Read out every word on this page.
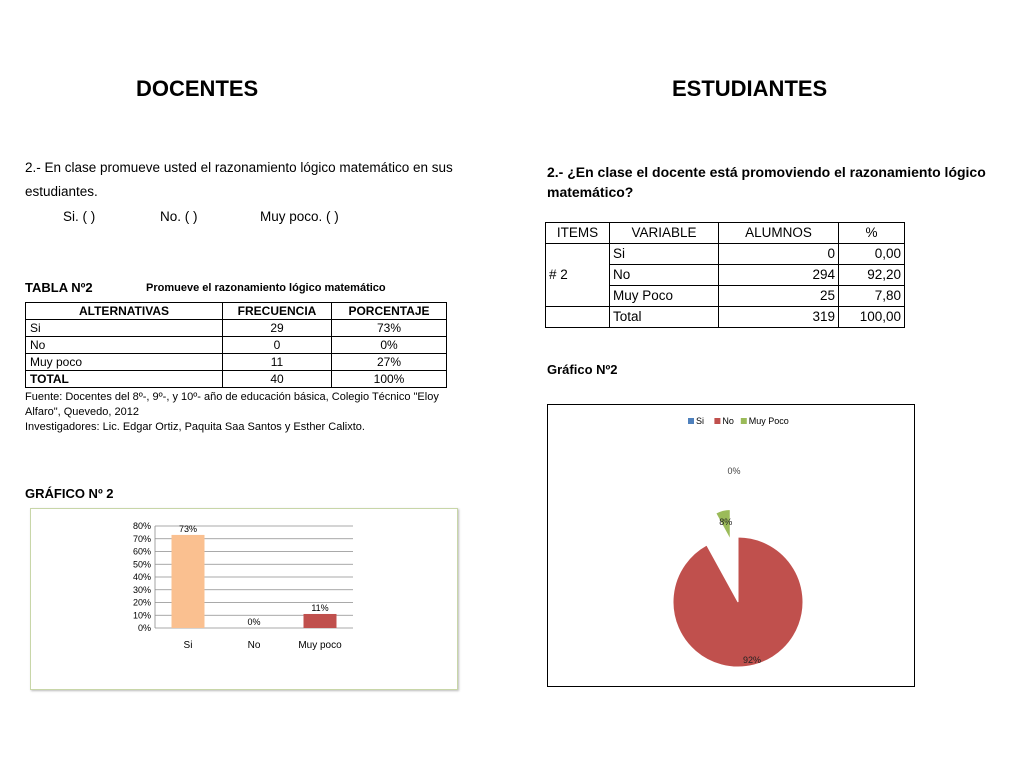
DOCENTES
2.- En clase promueve usted el razonamiento lógico matemático en sus
estudiantes.
Si. ( )	No. ( )	Muy poco. ( )
TABLA Nº2	Promueve el razonamiento lógico matemático
ALTERNATIVAS	FRECUENCIA	PORCENTAJE
Si	29	73%
No	0	0%
Muy poco	11	27%
TOTAL	40	100%
Fuente: Docentes del 8º-, 9º-, y 10º- año de educación básica, Colegio Técnico "Eloy
Alfaro", Quevedo, 2012
Investigadores: Lic. Edgar Ortiz, Paquita Saa Santos y Esther Calixto.
GRÁFICO Nº 2
0%
10%
20%
30%
40%
50%
60%
70%
80%	73%
Si
0%
No
11%
Muy poco
ESTUDIANTES
2.- ¿En clase el docente está promoviendo el razonamiento lógico
matemático?
ITEMS	VARIABLE	ALUMNOS	%
# 2	Si	0	0,00
	No	294	92,20
	Muy Poco	25	7,80
	Total	319	100,00
Gráfico Nº2
Si No Muy Poco
0%
92%
8%
